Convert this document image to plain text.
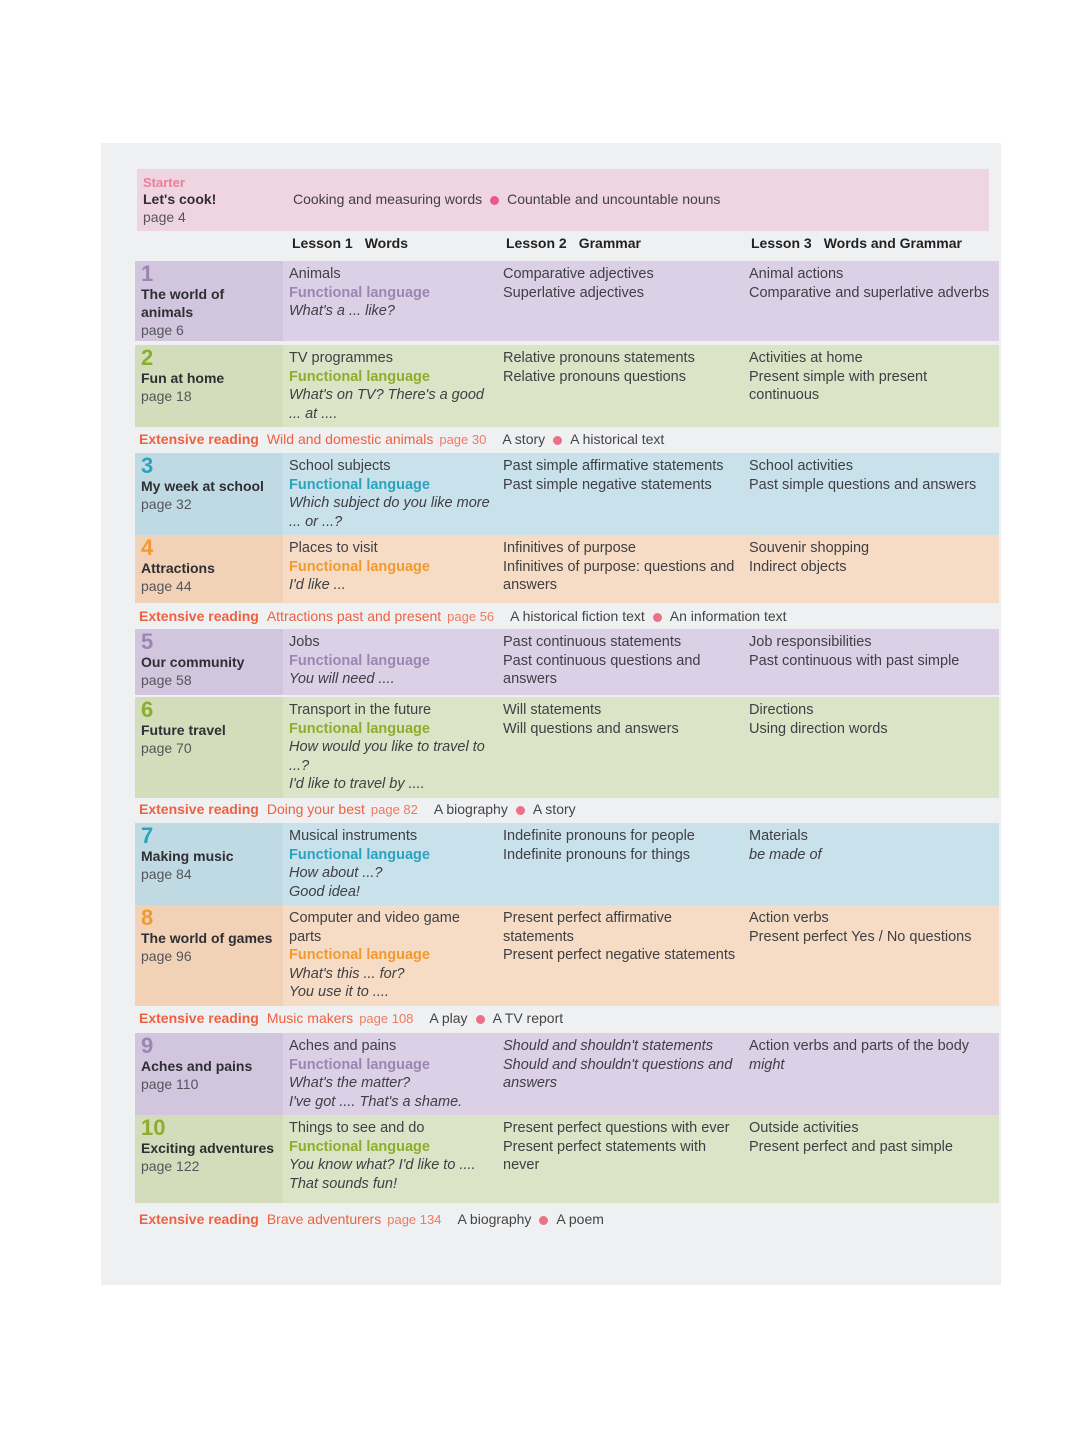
Starter
Let's cook!
page 4
Cooking and measuring words Countable and uncountable nouns
Lesson 1 Words	Lesson 2 Grammar	Lesson 3 Words and Grammar
1
The world of animals
page 6
Animals
Functional language
What's a ... like?
Comparative adjectives
Superlative adjectives
Animal actions
Comparative and superlative adverbs
2
Fun at home
page 18
TV programmes
Functional language
What's on TV? There's a good ... at ....
Relative pronouns statements
Relative pronouns questions
Activities at home
Present simple with present continuous
Extensive reading Wild and domestic animals page 30 A story A historical text
3
My week at school
page 32
School subjects
Functional language
Which subject do you like more ... or ...?
Past simple affirmative statements
Past simple negative statements
School activities
Past simple questions and answers
4
Attractions
page 44
Places to visit
Functional language
I'd like ...
Infinitives of purpose
Infinitives of purpose: questions and answers
Souvenir shopping
Indirect objects
Extensive reading Attractions past and present page 56 A historical fiction text An information text
5
Our community
page 58
Jobs
Functional language
You will need ....
Past continuous statements
Past continuous questions and answers
Job responsibilities
Past continuous with past simple
6
Future travel
page 70
Transport in the future
Functional language
How would you like to travel to ...?
I'd like to travel by ....
Will statements
Will questions and answers
Directions
Using direction words
Extensive reading Doing your best page 82 A biography A story
7
Making music
page 84
Musical instruments
Functional language
How about ...?
Good idea!
Indefinite pronouns for people
Indefinite pronouns for things
Materials
be made of
8
The world of games
page 96
Computer and video game parts
Functional language
What's this ... for?
You use it to ....
Present perfect affirmative statements
Present perfect negative statements
Action verbs
Present perfect Yes / No questions
Extensive reading Music makers page 108 A play A TV report
9
Aches and pains
page 110
Aches and pains
Functional language
What's the matter?
I've got .... That's a shame.
Should and shouldn't statements
Should and shouldn't questions and answers
Action verbs and parts of the body
might
10
Exciting adventures
page 122
Things to see and do
Functional language
You know what? I'd like to ....
That sounds fun!
Present perfect questions with ever
Present perfect statements with never
Outside activities
Present perfect and past simple
Extensive reading Brave adventurers page 134 A biography A poem
